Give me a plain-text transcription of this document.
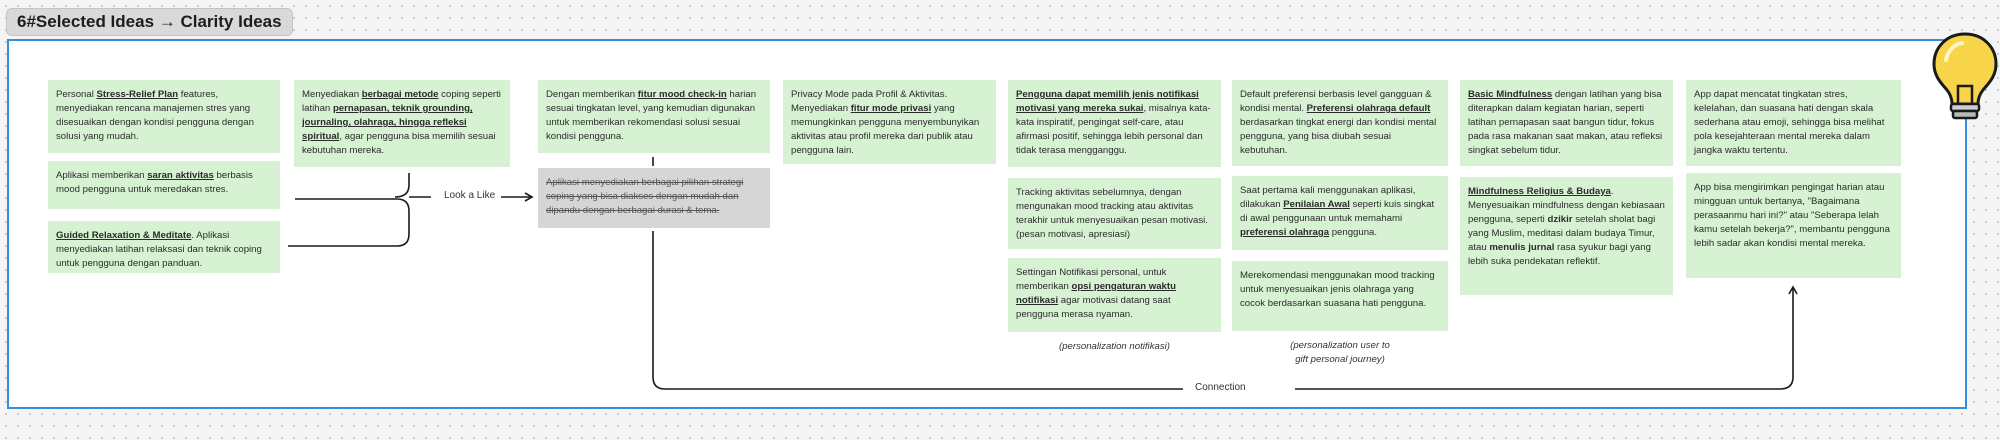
6#Selected Ideas → Clarity Ideas
Look a Like
Connection
Personal Stress-Relief Plan features, menyediakan rencana manajemen stres yang disesuaikan dengan kondisi pengguna dengan solusi yang mudah.
Aplikasi memberikan saran aktivitas berbasis mood pengguna untuk meredakan stres.
Guided Relaxation & Meditate. Aplikasi menyediakan latihan relaksasi dan teknik coping untuk pengguna dengan panduan.
Menyediakan berbagai metode coping seperti latihan pernapasan, teknik grounding, journaling, olahraga, hingga refleksi spiritual, agar pengguna bisa memilih sesuai kebutuhan mereka.
Dengan memberikan fitur mood check-in harian sesuai tingkatan level, yang kemudian digunakan untuk memberikan rekomendasi solusi sesuai kondisi pengguna.
Aplikasi menyediakan berbagai pilihan strategi coping yang bisa diakses dengan mudah dan dipandu dengan berbagai durasi & tema.
Privacy Mode pada Profil & Aktivitas. Menyediakan fitur mode privasi yang memungkinkan pengguna menyembunyikan aktivitas atau profil mereka dari publik atau pengguna lain.
Pengguna dapat memilih jenis notifikasi motivasi yang mereka sukai, misalnya kata-kata inspiratif, pengingat self-care, atau afirmasi positif, sehingga lebih personal dan tidak terasa mengganggu.
Tracking aktivitas sebelumnya, dengan mengunakan mood tracking atau aktivitas terakhir untuk menyesuaikan pesan motivasi. (pesan motivasi, apresiasi)
Settingan Notifikasi personal, untuk memberikan opsi pengaturan waktu notifikasi agar motivasi datang saat pengguna merasa nyaman.
(personalization notifikasi)
Default preferensi berbasis level gangguan & kondisi mental. Preferensi olahraga default berdasarkan tingkat energi dan kondisi mental pengguna, yang bisa diubah sesuai kebutuhan.
Saat pertama kali menggunakan aplikasi, dilakukan Penilaian Awal seperti kuis singkat di awal penggunaan untuk memahami preferensi olahraga pengguna.
Merekomendasi menggunakan mood tracking untuk menyesuaikan jenis olahraga yang cocok berdasarkan suasana hati pengguna.
(personalization user to
gift personal journey)
Basic Mindfulness dengan latihan yang bisa diterapkan dalam kegiatan harian, seperti latihan pernapasan saat bangun tidur, fokus pada rasa makanan saat makan, atau refleksi singkat sebelum tidur.
Mindfulness Religius & Budaya. Menyesuaikan mindfulness dengan kebiasaan pengguna, seperti dzikir setelah sholat bagi yang Muslim, meditasi dalam budaya Timur, atau menulis jurnal rasa syukur bagi yang lebih suka pendekatan reflektif.
App dapat mencatat tingkatan stres, kelelahan, dan suasana hati dengan skala sederhana atau emoji, sehingga bisa melihat pola kesejahteraan mental mereka dalam jangka waktu tertentu.
App bisa mengirimkan pengingat harian atau mingguan untuk bertanya, "Bagaimana perasaanmu hari ini?" atau "Seberapa lelah kamu setelah bekerja?", membantu pengguna lebih sadar akan kondisi mental mereka.
